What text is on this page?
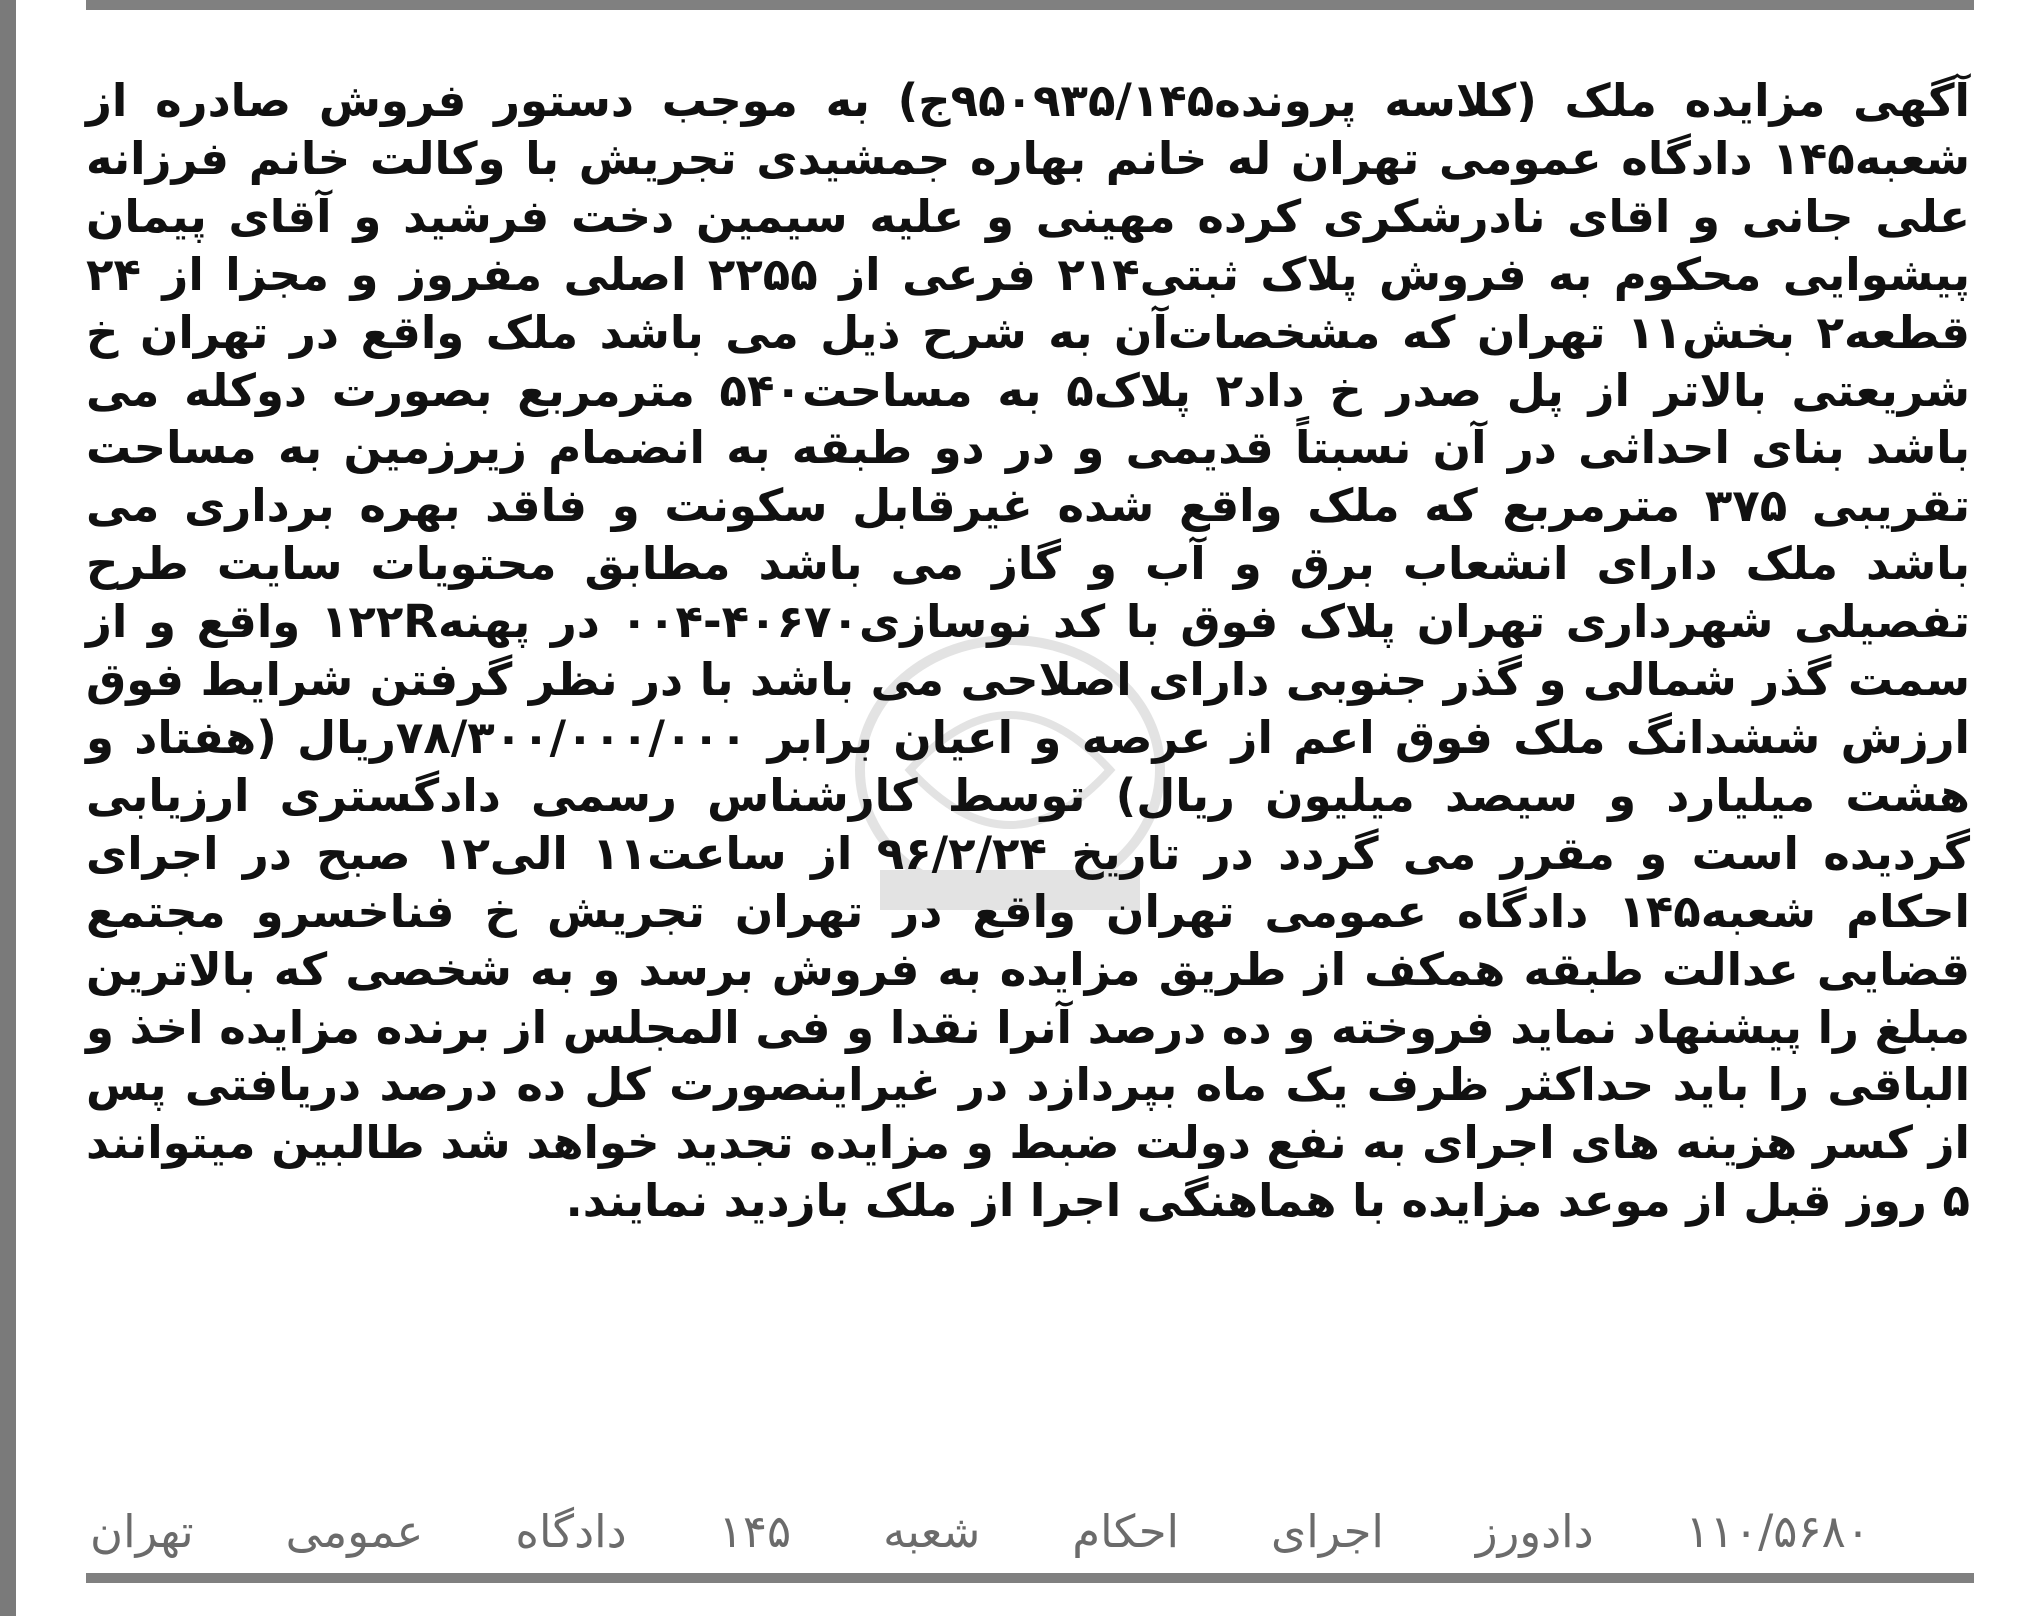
آگهی مزایده ملک (کلاسه پرونده۹۵۰۹۳۵/۱۴۵ج) به موجب دستور فروش صادره از شعبه۱۴۵ دادگاه عمومی تهران له خانم بهاره جمشیدی تجریش با وکالت خانم فرزانه علی جانی و اقای نادرشکری کرده مهینی و علیه سیمین دخت فرشید و آقای پیمان پیشوایی محکوم به فروش پلاک ثبتی۲۱۴ فرعی از ۲۲۵۵ اصلی مفروز و مجزا از ۲۴ قطعه۲ بخش۱۱ تهران که مشخصات‌آن به شرح ذیل می باشد ملک واقع در تهران خ شریعتی بالاتر از پل صدر خ داد۲ پلاک۵ به مساحت۵۴۰ مترمربع بصورت دوکله می باشد بنای احداثی در آن نسبتاً قدیمی و در دو طبقه به انضمام زیرزمین به مساحت تقریبی ۳۷۵ مترمربع که ملک واقع شده غیرقابل سکونت و فاقد بهره برداری می باشد ملک دارای انشعاب برق و آب و گاز می باشد مطابق محتویات سایت طرح تفصیلی شهرداری تهران پلاک فوق با کد نوسازی۴۰۶۷۰-۰۰۴ در پهنه۱۲۲R واقع و از سمت گذر شمالی و گذر جنوبی دارای اصلاحی می باشد با در نظر گرفتن شرایط فوق ارزش ششدانگ ملک فوق اعم از عرصه و اعیان برابر ۷۸/۳۰۰/۰۰۰/۰۰۰ریال (هفتاد و هشت میلیارد و سیصد میلیون ریال) توسط کارشناس رسمی دادگستری ارزیابی گردیده است و مقرر می گردد در تاریخ ۹۶/۲/۲۴ از ساعت۱۱ الی۱۲ صبح در اجرای احکام شعبه۱۴۵ دادگاه عمومی تهران واقع در تهران تجریش خ فناخسرو مجتمع قضایی عدالت طبقه همکف از طریق مزایده به فروش برسد و به شخصی که بالاترین مبلغ را پیشنهاد نماید فروخته و ده درصد آنرا نقدا و فی المجلس از برنده مزایده اخذ و الباقی را باید حداکثر ظرف یک ماه بپردازد در غیراینصورت کل ده درصد دریافتی پس از کسر هزینه های اجرای به نفع دولت ضبط و مزایده تجدید خواهد شد طالبین میتوانند ۵ روز قبل از موعد مزایده با هماهنگی اجرا از ملک بازدید نمایند.

۱۱۰/۵۶۸۰
دادورز
اجرای
احکام
شعبه
۱۴۵
دادگاه
عمومی
تهران
